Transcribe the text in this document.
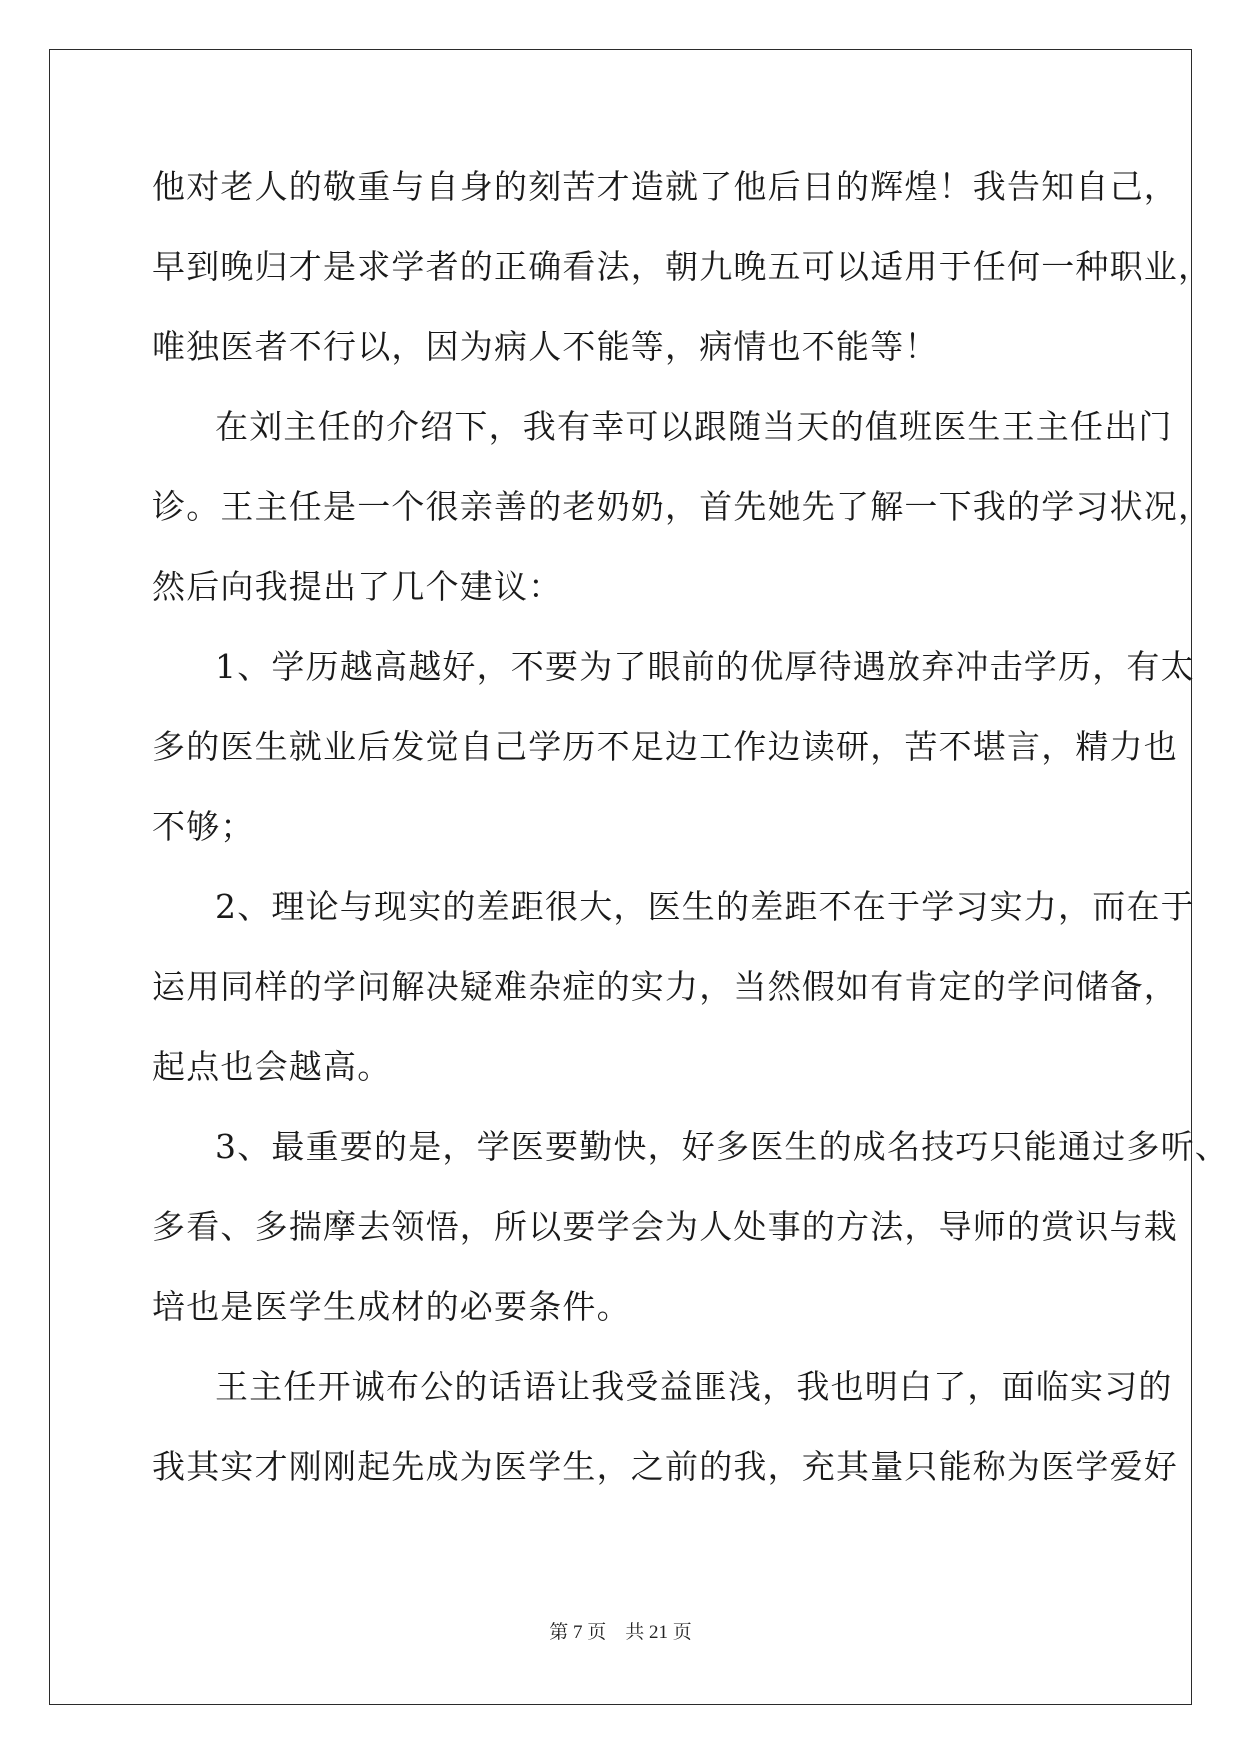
他对老人的敬重与自身的刻苦才造就了他后日的辉煌！我告知自己，
早到晚归才是求学者的正确看法，朝九晚五可以适用于任何一种职业，
唯独医者不行以，因为病人不能等，病情也不能等！
在刘主任的介绍下，我有幸可以跟随当天的值班医生王主任出门
诊。王主任是一个很亲善的老奶奶，首先她先了解一下我的学习状况，
然后向我提出了几个建议：
1、学历越高越好，不要为了眼前的优厚待遇放弃冲击学历，有太
多的医生就业后发觉自己学历不足边工作边读研，苦不堪言，精力也
不够；
2、理论与现实的差距很大，医生的差距不在于学习实力，而在于
运用同样的学问解决疑难杂症的实力，当然假如有肯定的学问储备，
起点也会越高。
3、最重要的是，学医要勤快，好多医生的成名技巧只能通过多听、
多看、多揣摩去领悟，所以要学会为人处事的方法，导师的赏识与栽
培也是医学生成材的必要条件。
王主任开诚布公的话语让我受益匪浅，我也明白了，面临实习的
我其实才刚刚起先成为医学生，之前的我，充其量只能称为医学爱好
第 7 页 共 21 页
